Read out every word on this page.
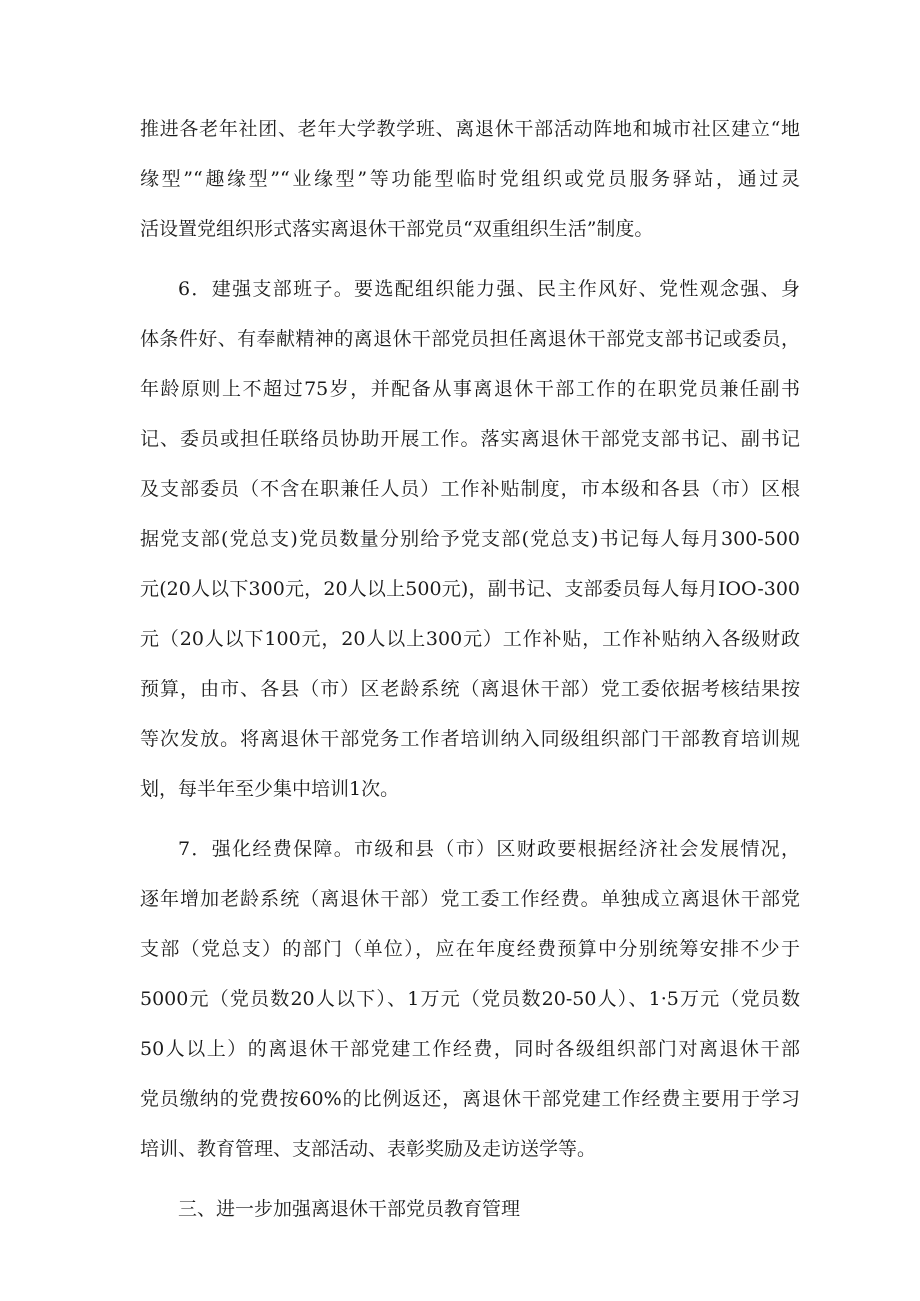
推进各老年社团、老年大学教学班、离退休干部活动阵地和城市社区建立“地
缘型”“趣缘型”“业缘型”等功能型临时党组织或党员服务驿站，通过灵
活设置党组织形式落实离退休干部党员“双重组织生活”制度。
6．建强支部班子。要选配组织能力强、民主作风好、党性观念强、身
体条件好、有奉献精神的离退休干部党员担任离退休干部党支部书记或委员，
年龄原则上不超过75岁，并配备从事离退休干部工作的在职党员兼任副书
记、委员或担任联络员协助开展工作。落实离退休干部党支部书记、副书记
及支部委员（不含在职兼任人员）工作补贴制度，市本级和各县（市）区根
据党支部(党总支)党员数量分别给予党支部(党总支)书记每人每月300-500
元(20人以下300元，20人以上500元)，副书记、支部委员每人每月IOO-300
元（20人以下100元，20人以上300元）工作补贴，工作补贴纳入各级财政
预算，由市、各县（市）区老龄系统（离退休干部）党工委依据考核结果按
等次发放。将离退休干部党务工作者培训纳入同级组织部门干部教育培训规
划，每半年至少集中培训1次。
7．强化经费保障。市级和县（市）区财政要根据经济社会发展情况，
逐年增加老龄系统（离退休干部）党工委工作经费。单独成立离退休干部党
支部（党总支）的部门（单位），应在年度经费预算中分别统筹安排不少于
5000元（党员数20人以下）、1万元（党员数20-50人）、1·5万元（党员数
50人以上）的离退休干部党建工作经费，同时各级组织部门对离退休干部
党员缴纳的党费按60%的比例返还，离退休干部党建工作经费主要用于学习
培训、教育管理、支部活动、表彰奖励及走访送学等。
三、进一步加强离退休干部党员教育管理
